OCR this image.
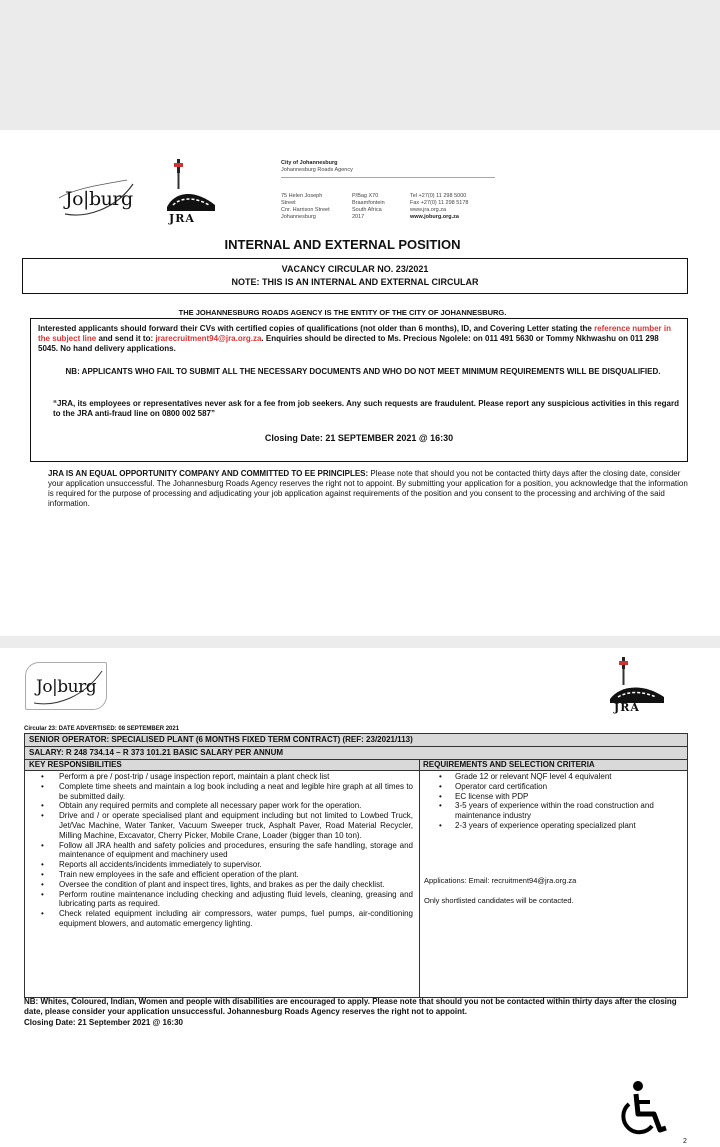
Jo|burg
JRA
City of Johannesburg
Johannesburg Roads Agency
75 Helen Joseph
Street
Cnr. Harrison Street
Johannesburg
P/Bag X70
Braamfontein
South Africa
2017
Tel +27(0) 11 298 5000
Fax +27(0) 11 298 5178
www.jra.org.za
www.joburg.org.za
INTERNAL AND EXTERNAL POSITION
VACANCY CIRCULAR NO. 23/2021
NOTE: THIS IS AN INTERNAL AND EXTERNAL CIRCULAR
THE JOHANNESBURG ROADS AGENCY IS THE ENTITY OF THE CITY OF JOHANNESBURG.
Interested applicants should forward their CVs with certified copies of qualifications (not older than 6 months), ID, and Covering Letter stating the reference number in the subject line and send it to: jrarecruitment94@jra.org.za. Enquiries should be directed to Ms. Precious Ngolele: on 011 491 5630 or Tommy Nkhwashu on 011 298 5045. No hand delivery applications.
NB: APPLICANTS WHO FAIL TO SUBMIT ALL THE NECESSARY DOCUMENTS AND WHO DO NOT MEET MINIMUM REQUIREMENTS WILL BE DISQUALIFIED.
“JRA, its employees or representatives never ask for a fee from job seekers. Any such requests are fraudulent. Please report any suspicious activities in this regard to the JRA anti-fraud line on 0800 002 587”
Closing Date: 21 SEPTEMBER 2021 @ 16:30
JRA IS AN EQUAL OPPORTUNITY COMPANY AND COMMITTED TO EE PRINCIPLES: Please note that should you not be contacted thirty days after the closing date, consider your application unsuccessful. The Johannesburg Roads Agency reserves the right not to appoint. By submitting your application for a position, you acknowledge that the information is required for the purpose of processing and adjudicating your job application against requirements of the position and you consent to the processing and archiving of the said information.
Jo|burg
JRA
Circular 23: DATE ADVERTISED: 08 SEPTEMBER 2021
SENIOR OPERATOR: SPECIALISED PLANT (6 MONTHS FIXED TERM CONTRACT) (REF: 23/2021/113)
SALARY: R 248 734.14 – R 373 101.21 BASIC SALARY PER ANNUM
KEY RESPONSIBILITIES	REQUIREMENTS AND SELECTION CRITERIA
• Perform a pre / post-trip / usage inspection report, maintain a plant check list
• Complete time sheets and maintain a log book including a neat and legible hire graph at all times to be submitted daily.
• Obtain any required permits and complete all necessary paper work for the operation.
• Drive and / or operate specialised plant and equipment including but not limited to Lowbed Truck, Jet/Vac Machine, Water Tanker, Vacuum Sweeper truck, Asphalt Paver, Road Material Recycler, Milling Machine, Excavator, Cherry Picker, Mobile Crane, Loader (bigger than 10 ton).
• Follow all JRA health and safety policies and procedures, ensuring the safe handling, storage and maintenance of equipment and machinery used
• Reports all accidents/incidents immediately to supervisor.
• Train new employees in the safe and efficient operation of the plant.
• Oversee the condition of plant and inspect tires, lights, and brakes as per the daily checklist.
• Perform routine maintenance including checking and adjusting fluid levels, cleaning, greasing and lubricating parts as required.
• Check related equipment including air compressors, water pumps, fuel pumps, air-conditioning equipment blowers, and automatic emergency lighting.
• Grade 12 or relevant NQF level 4 equivalent
• Operator card certification
• EC license with PDP
• 3-5 years of experience within the road construction and maintenance industry
• 2-3 years of experience operating specialized plant
Applications: Email: recruitment94@jra.org.za
Only shortlisted candidates will be contacted.
NB: Whites, Coloured, Indian, Women and people with disabilities are encouraged to apply. Please note that should you not be contacted within thirty days after the closing date, please consider your application unsuccessful. Johannesburg Roads Agency reserves the right not to appoint.
Closing Date: 21 September 2021 @ 16:30
2
